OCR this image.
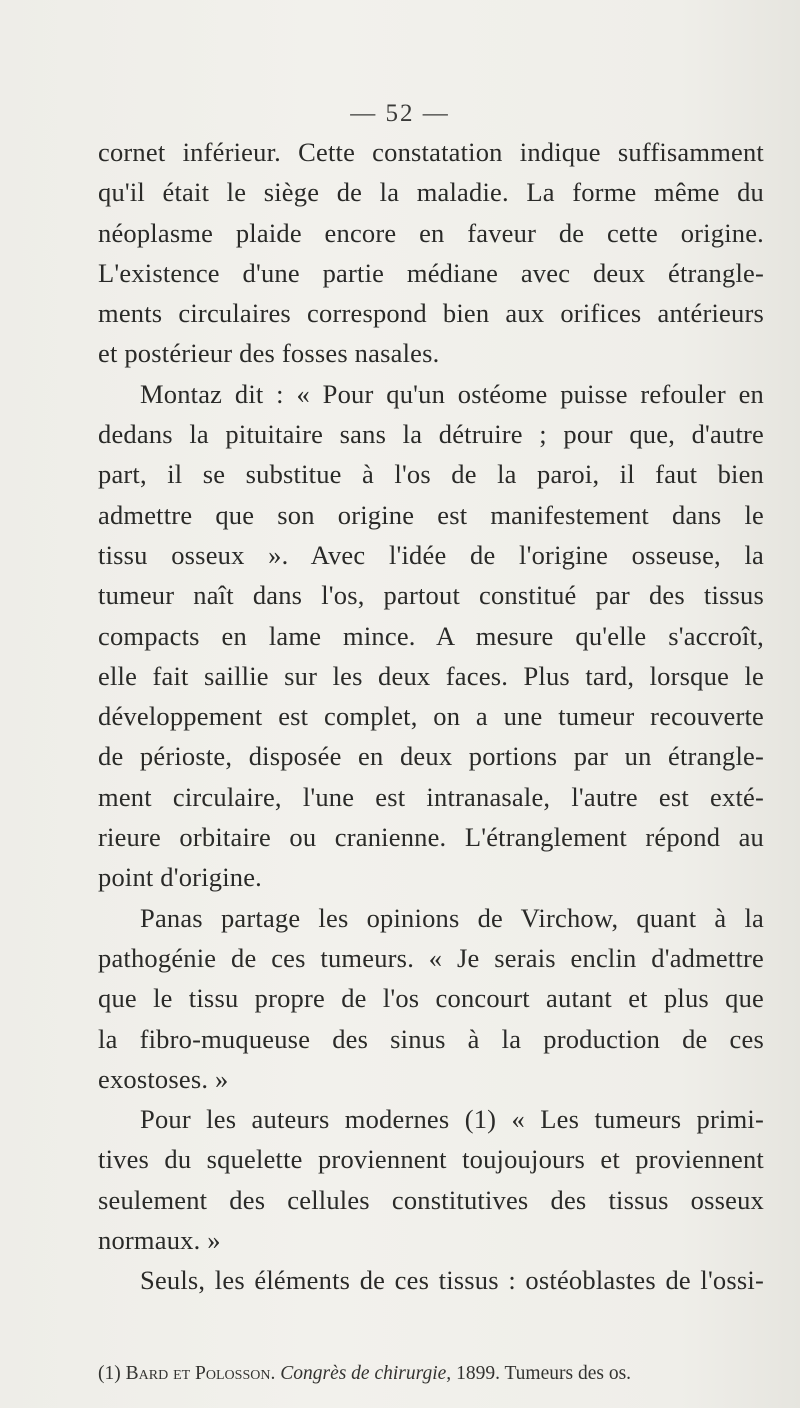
— 52 —
cornet inférieur. Cette constatation indique suffisamment
qu'il était le siège de la maladie. La forme même du
néoplasme plaide encore en faveur de cette origine.
L'existence d'une partie médiane avec deux étrangle-
ments circulaires correspond bien aux orifices antérieurs
et postérieur des fosses nasales.
Montaz dit : « Pour qu'un ostéome puisse refouler en
dedans la pituitaire sans la détruire ; pour que, d'autre
part, il se substitue à l'os de la paroi, il faut bien
admettre que son origine est manifestement dans le
tissu osseux ». Avec l'idée de l'origine osseuse, la
tumeur naît dans l'os, partout constitué par des tissus
compacts en lame mince. A mesure qu'elle s'accroît,
elle fait saillie sur les deux faces. Plus tard, lorsque le
développement est complet, on a une tumeur recouverte
de périoste, disposée en deux portions par un étrangle-
ment circulaire, l'une est intranasale, l'autre est exté-
rieure orbitaire ou cranienne. L'étranglement répond au
point d'origine.
Panas partage les opinions de Virchow, quant à la
pathogénie de ces tumeurs. « Je serais enclin d'admettre
que le tissu propre de l'os concourt autant et plus que
la fibro-muqueuse des sinus à la production de ces
exostoses. »
Pour les auteurs modernes (1) « Les tumeurs primi-
tives du squelette proviennent toujoujours et proviennent
seulement des cellules constitutives des tissus osseux
normaux. »
Seuls, les éléments de ces tissus : ostéoblastes de l'ossi-
(1) Bard et Polosson. Congrès de chirurgie, 1899. Tumeurs des os.
